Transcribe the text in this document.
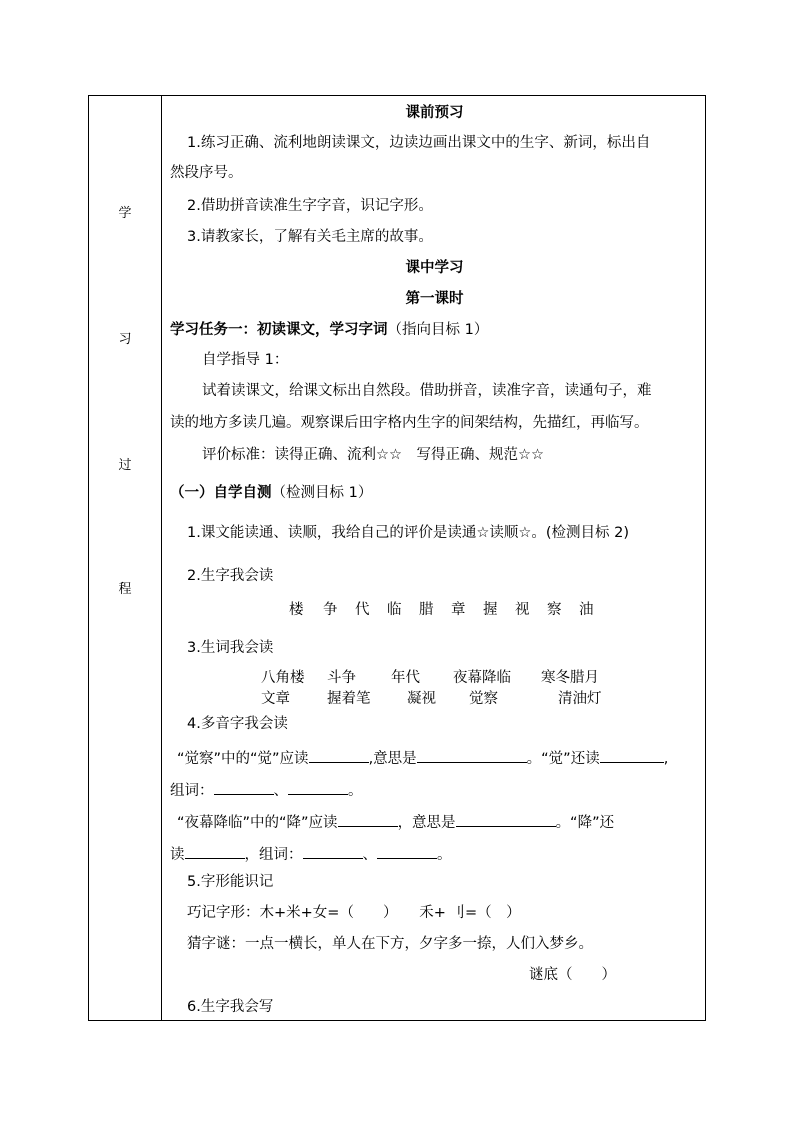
学
习
过
程
课前预习
1.练习正确、流利地朗读课文，边读边画出课文中的生字、新词，标出自
然段序号。
2.借助拼音读准生字字音，识记字形。
3.请教家长，了解有关毛主席的故事。
课中学习
第一课时
学习任务一：初读课文，学习字词（指向目标 1）
自学指导 1：
试着读课文，给课文标出自然段。借助拼音，读准字音，读通句子，难
读的地方多读几遍。观察课后田字格内生字的间架结构，先描红，再临写。
评价标准：读得正确、流利☆☆　写得正确、规范☆☆
（一）自学自测（检测目标 1）
1.课文能读通、读顺，我给自己的评价是读通☆读顺☆。(检测目标 2)
2.生字我会读
楼 争 代 临 腊 章 握 视 察 油
3.生词我会读
八角楼 斗争 年代 夜幕降临 寒冬腊月
文章	握着笔	凝视 觉察	清油灯
4.多音字我会读
“觉察”中的“觉”应读	,意思是	。“觉”还读	,
组词：	、	。
“夜幕降临”中的“降”应读	，意思是	。“降”还
读	，组词：	、	。
5.字形能识记
巧记字形：木+米+女=（　　）　　禾+ 刂=（　）
猜字谜：一点一横长，单人在下方，夕字多一捺，人们入梦乡。
谜底（　　）
6.生字我会写
